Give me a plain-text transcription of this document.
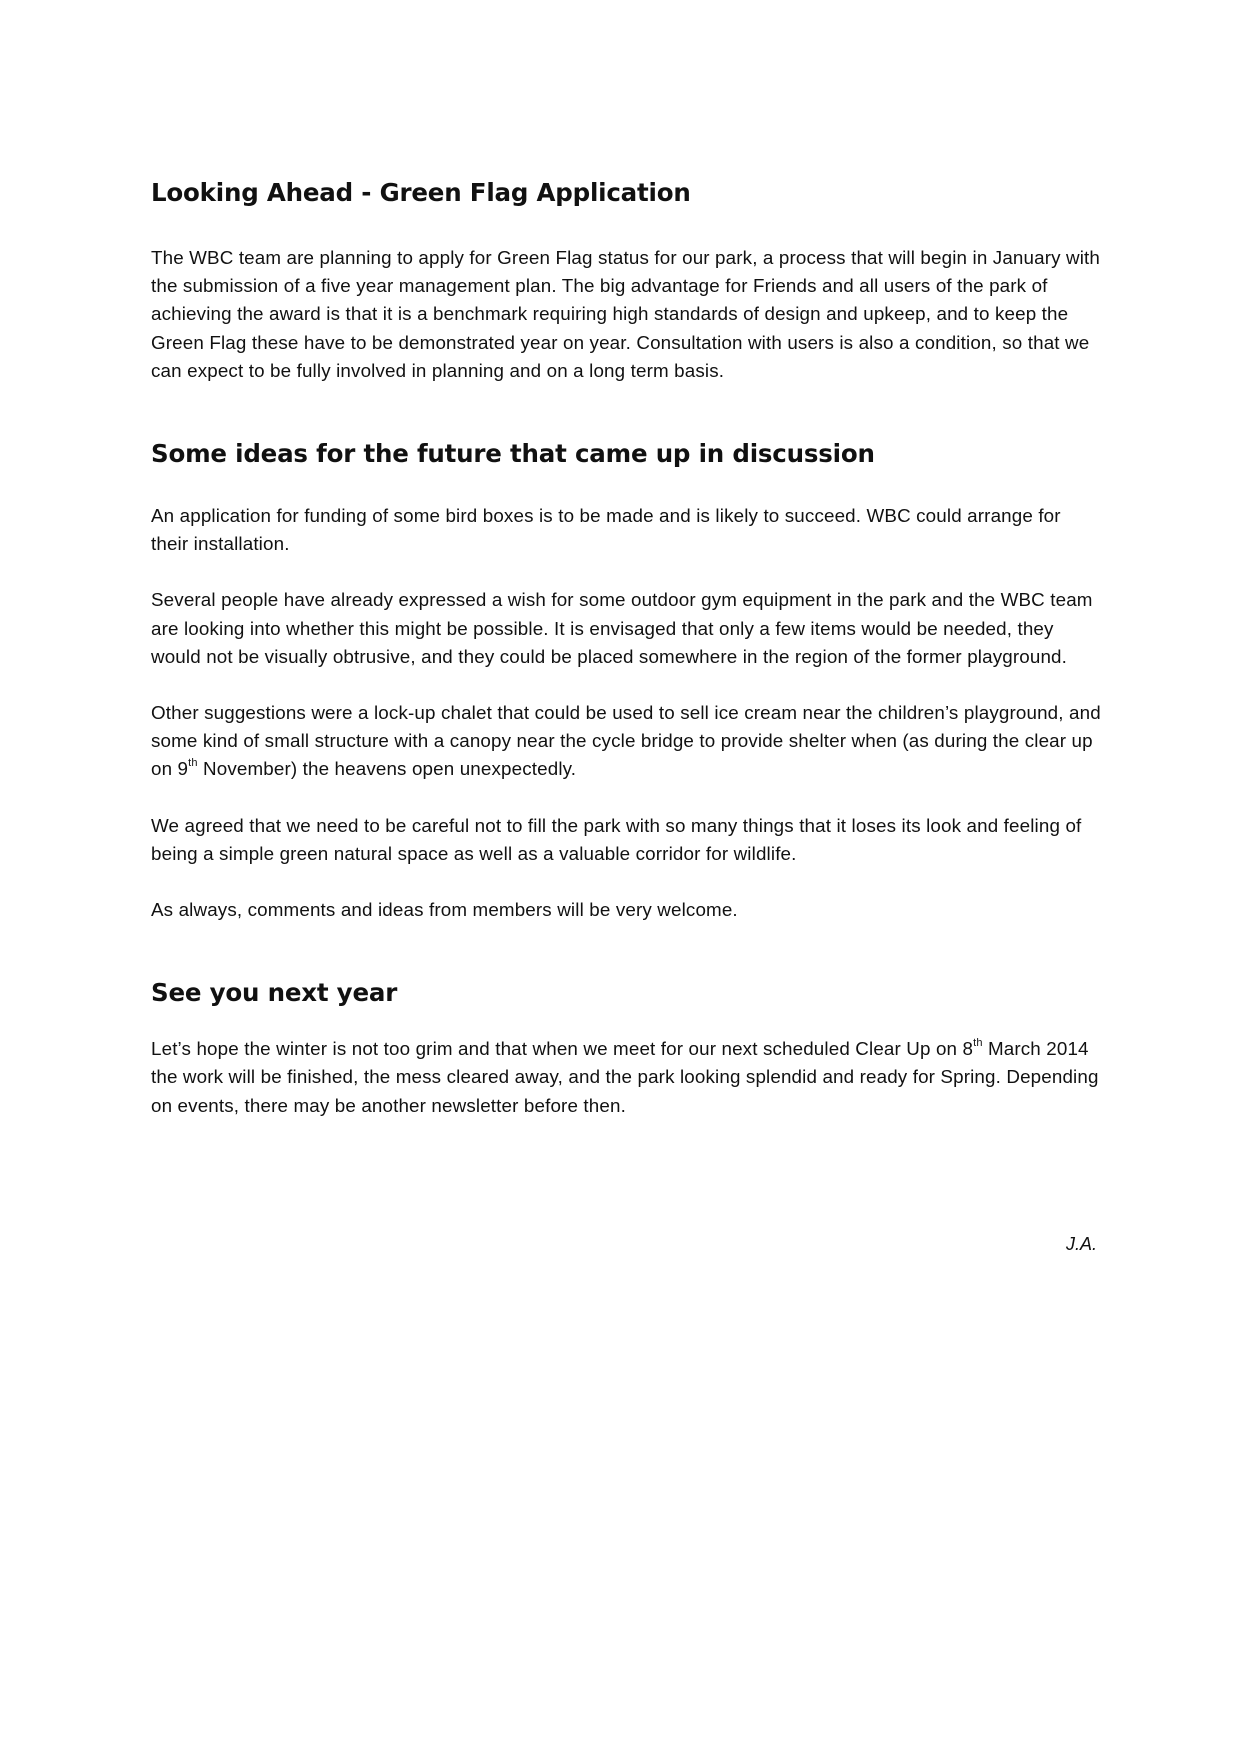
Looking Ahead - Green Flag Application

The WBC team are planning to apply for Green Flag status for our park, a process that will begin in January with the submission of a five year management plan. The big advantage for Friends and all users of the park of achieving the award is that it is a benchmark requiring high standards of design and upkeep, and to keep the Green Flag these have to be demonstrated year on year. Consultation with users is also a condition, so that we can expect to be fully involved in planning and on a long term basis.

Some ideas for the future that came up in discussion

An application for funding of some bird boxes is to be made and is likely to succeed. WBC could arrange for their installation.

Several people have already expressed a wish for some outdoor gym equipment in the park and the WBC team are looking into whether this might be possible. It is envisaged that only a few items would be needed, they would not be visually obtrusive, and they could be placed somewhere in the region of the former playground.

Other suggestions were a lock-up chalet that could be used to sell ice cream near the children’s playground, and some kind of small structure with a canopy near the cycle bridge to provide shelter when (as during the clear up on 9th November) the heavens open unexpectedly.

We agreed that we need to be careful not to fill the park with so many things that it loses its look and feeling of being a simple green natural space as well as a valuable corridor for wildlife.

As always, comments and ideas from members will be very welcome.

See you next year

Let’s hope the winter is not too grim and that when we meet for our next scheduled Clear Up on 8th March 2014 the work will be finished, the mess cleared away, and the park looking splendid and ready for Spring. Depending on events, there may be another newsletter before then.

J.A.
